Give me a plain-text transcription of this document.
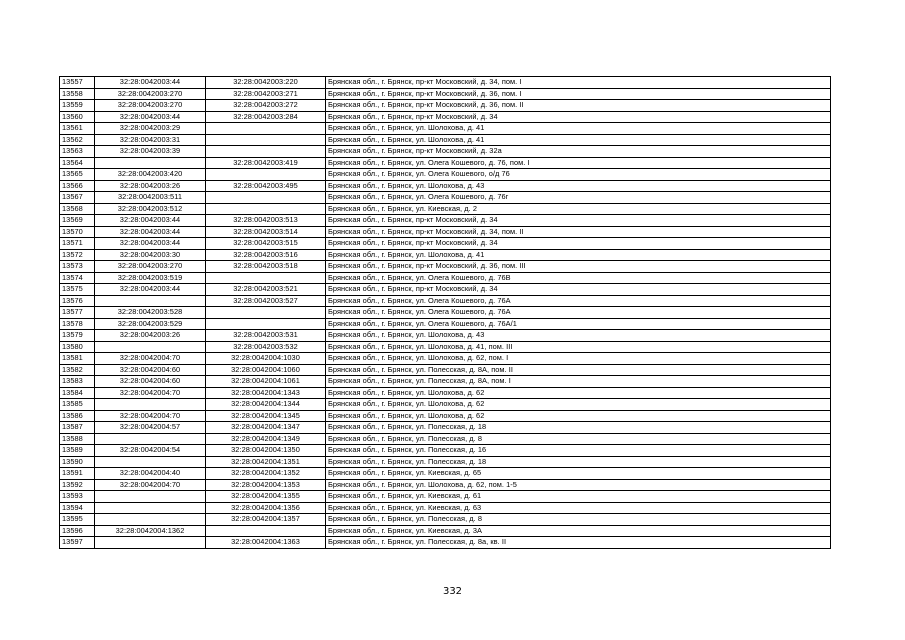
13557	32:28:0042003:44	32:28:0042003:220	Брянская обл., г. Брянск, пр-кт Московский, д. 34, пом. I
13558	32:28:0042003:270	32:28:0042003:271	Брянская обл., г. Брянск, пр-кт Московский, д. 36, пом. I
13559	32:28:0042003:270	32:28:0042003:272	Брянская обл., г. Брянск, пр-кт Московский, д. 36, пом. II
13560	32:28:0042003:44	32:28:0042003:284	Брянская обл., г. Брянск, пр-кт Московский, д. 34
13561	32:28:0042003:29		Брянская обл., г. Брянск, ул. Шолохова, д. 41
13562	32:28:0042003:31		Брянская обл., г. Брянск, ул. Шолохова, д. 41
13563	32:28:0042003:39		Брянская обл., г. Брянск, пр-кт Московский, д. 32а
13564		32:28:0042003:419	Брянская обл., г. Брянск, ул. Олега Кошевого, д. 76, пом. I
13565	32:28:0042003:420		Брянская обл., г. Брянск, ул. Олега Кошевого, о/д 76
13566	32:28:0042003:26	32:28:0042003:495	Брянская обл., г. Брянск, ул. Шолохова, д. 43
13567	32:28:0042003:511		Брянская обл., г. Брянск, ул. Олега Кошевого, д. 76г
13568	32:28:0042003:512		Брянская обл., г. Брянск, ул. Киевская, д. 2
13569	32:28:0042003:44	32:28:0042003:513	Брянская обл., г. Брянск, пр-кт Московский, д. 34
13570	32:28:0042003:44	32:28:0042003:514	Брянская обл., г. Брянск, пр-кт Московский, д. 34, пом. II
13571	32:28:0042003:44	32:28:0042003:515	Брянская обл., г. Брянск, пр-кт Московский, д. 34
13572	32:28:0042003:30	32:28:0042003:516	Брянская обл., г. Брянск, ул. Шолохова, д. 41
13573	32:28:0042003:270	32:28:0042003:518	Брянская обл., г. Брянск, пр-кт Московский, д. 36, пом. III
13574	32:28:0042003:519		Брянская обл., г. Брянск, ул. Олега Кошевого, д. 76В
13575	32:28:0042003:44	32:28:0042003:521	Брянская обл., г. Брянск, пр-кт Московский, д. 34
13576		32:28:0042003:527	Брянская обл., г. Брянск, ул. Олега Кошевого, д. 76А
13577	32:28:0042003:528		Брянская обл., г. Брянск, ул. Олега Кошевого, д. 76А
13578	32:28:0042003:529		Брянская обл., г. Брянск, ул. Олега Кошевого, д. 76А/1
13579	32:28:0042003:26	32:28:0042003:531	Брянская обл., г. Брянск, ул. Шолохова, д. 43
13580		32:28:0042003:532	Брянская обл., г. Брянск, ул. Шолохова, д. 41, пом. III
13581	32:28:0042004:70	32:28:0042004:1030	Брянская обл., г. Брянск, ул. Шолохова, д. 62, пом. I
13582	32:28:0042004:60	32:28:0042004:1060	Брянская обл., г. Брянск, ул. Полесская, д. 8А, пом. II
13583	32:28:0042004:60	32:28:0042004:1061	Брянская обл., г. Брянск, ул. Полесская, д. 8А, пом. I
13584	32:28:0042004:70	32:28:0042004:1343	Брянская обл., г. Брянск, ул. Шолохова, д. 62
13585		32:28:0042004:1344	Брянская обл., г. Брянск, ул. Шолохова, д. 62
13586	32:28:0042004:70	32:28:0042004:1345	Брянская обл., г. Брянск, ул. Шолохова, д. 62
13587	32:28:0042004:57	32:28:0042004:1347	Брянская обл., г. Брянск, ул. Полесская, д. 18
13588		32:28:0042004:1349	Брянская обл., г. Брянск, ул. Полесская, д. 8
13589	32:28:0042004:54	32:28:0042004:1350	Брянская обл., г. Брянск, ул. Полесская, д. 16
13590		32:28:0042004:1351	Брянская обл., г. Брянск, ул. Полесская, д. 18
13591	32:28:0042004:40	32:28:0042004:1352	Брянская обл., г. Брянск, ул. Киевская, д. 65
13592	32:28:0042004:70	32:28:0042004:1353	Брянская обл., г. Брянск, ул. Шолохова, д. 62, пом. 1-5
13593		32:28:0042004:1355	Брянская обл., г. Брянск, ул. Киевская, д. 61
13594		32:28:0042004:1356	Брянская обл., г. Брянск, ул. Киевская, д. 63
13595		32:28:0042004:1357	Брянская обл., г. Брянск, ул. Полесская, д. 8
13596	32:28:0042004:1362		Брянская обл., г. Брянск, ул. Киевская, д. 3А
13597		32:28:0042004:1363	Брянская обл., г. Брянск, ул. Полесская, д. 8а, кв. II
332
